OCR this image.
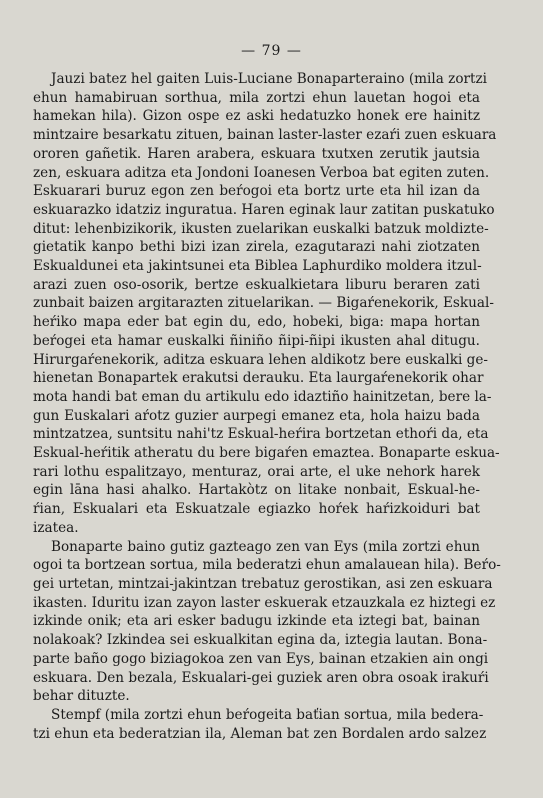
— 79 —
Jauzi batez hel gaiten Luis-Luciane Bonaparteraino (mila zortzi
ehun hamabiruan sorthua, mila zortzi ehun lauetan hogoi eta
hamekan hila). Gizon ospe ez aski hedatuzko honek ere hainitz
mintzaire besarkatu zituen, bainan laster-laster ezaŕi zuen eskuara
ororen gañetik. Haren arabera, eskuara txutxen zerutik jautsia
zen, eskuara aditza eta Jondoni Ioanesen Verboa bat egiten zuten.
Eskuarari buruz egon zen beŕogoi eta bortz urte eta hil izan da
eskuarazko idatziz inguratua. Haren eginak laur zatitan puskatuko
ditut: lehenbizikorik, ikusten zuelarikan euskalki batzuk moldizte-
gietatik kanpo bethi bizi izan zirela, ezagutarazi nahi ziotzaten
Eskualdunei eta jakintsunei eta Biblea Laphurdiko moldera itzul-
arazi zuen oso-osorik, bertze eskualkietara liburu beraren zati
zunbait baizen argitarazten zituelarikan. — Bigaŕenekorik, Eskual-
heŕiko mapa eder bat egin du, edo, hobeki, biga: mapa hortan
beŕogei eta hamar euskalki ñiniño ñipi-ñipi ikusten ahal ditugu.
Hirurgaŕenekorik, aditza eskuara lehen aldikotz bere euskalki ge-
hienetan Bonapartek erakutsi derauku. Eta laurgaŕenekorik ohar
mota handi bat eman du artikulu edo idaztiño hainitzetan, bere la-
gun Euskalari aŕotz guzier aurpegi emanez eta, hola haizu bada
mintzatzea, suntsitu nahi'tz Eskual-heŕira bortzetan ethoŕi da, eta
Eskual-heŕitik atheratu du bere bigaŕen emaztea. Bonaparte eskua-
rari lothu espalitzayo, menturaz, orai arte, el uke nehork harek
egin lāna hasi ahalko. Hartakòtz on litake nonbait, Eskual-he-
ŕian, Eskualari eta Eskuatzale egiazko hoŕek haŕizkoiduri bat
izatea.
Bonaparte baino gutiz gazteago zen van Eys (mila zortzi ehun
ogoi ta bortzean sortua, mila bederatzi ehun amalauean hila). Beŕo-
gei urtetan, mintzai-jakintzan trebatuz gerostikan, asi zen eskuara
ikasten. Iduritu izan zayon laster eskuerak etzauzkala ez hiztegi ez
izkinde onik; eta ari esker badugu izkinde eta iztegi bat, bainan
nolakoak? Izkindea sei eskualkitan egina da, iztegia lautan. Bona-
parte baño gogo biziagokoa zen van Eys, bainan etzakien ain ongi
eskuara. Den bezala, Eskualari-gei guziek aren obra osoak irakuŕi
behar dituzte.
Stempf (mila zortzi ehun beŕogeita baťian sortua, mila bedera-
tzi ehun eta bederatzian ila, Aleman bat zen Bordalen ardo salzez
